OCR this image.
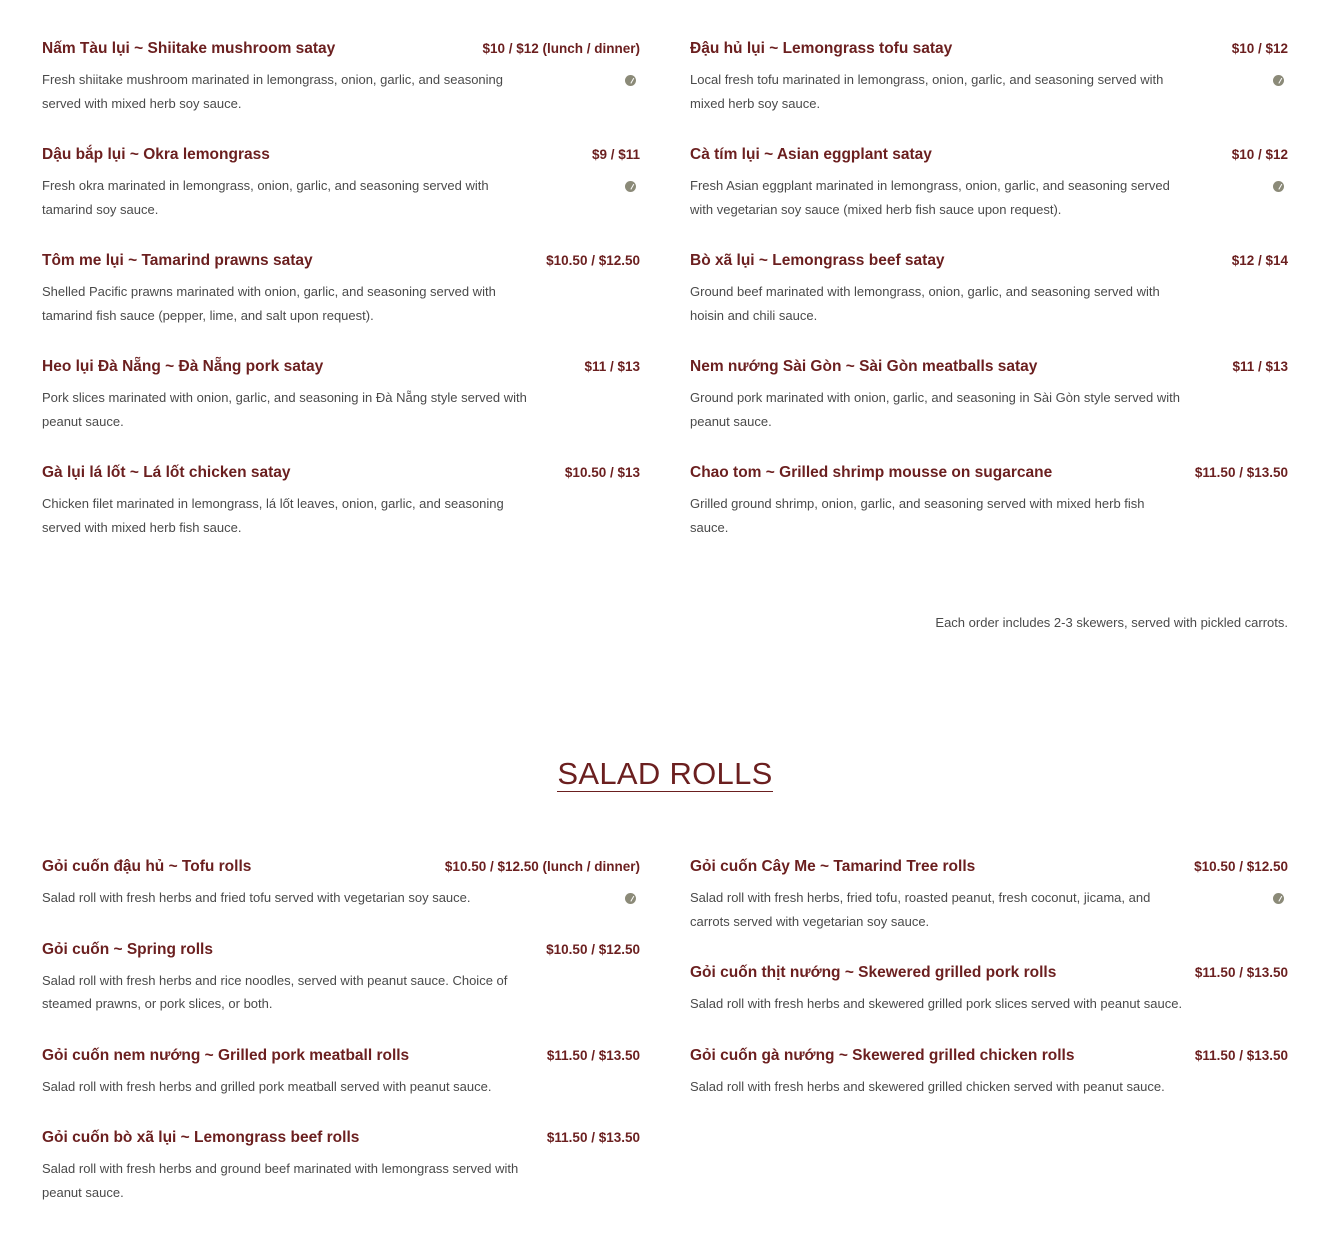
Nấm Tàu lụi ~ Shiitake mushroom satay	$10 / $12 (lunch / dinner)
Fresh shiitake mushroom marinated in lemongrass, onion, garlic, and seasoning served with mixed herb soy sauce.
Dậu bắp lụi ~ Okra lemongrass	$9 / $11
Fresh okra marinated in lemongrass, onion, garlic, and seasoning served with tamarind soy sauce.
Tôm me lụi ~ Tamarind prawns satay	$10.50 / $12.50
Shelled Pacific prawns marinated with onion, garlic, and seasoning served with tamarind fish sauce (pepper, lime, and salt upon request).
Heo lụi Đà Nẵng ~ Đà Nẵng pork satay	$11 / $13
Pork slices marinated with onion, garlic, and seasoning in Đà Nẵng style served with peanut sauce.
Gà lụi lá lốt ~ Lá lốt chicken satay	$10.50 / $13
Chicken filet marinated in lemongrass, lá lốt leaves, onion, garlic, and seasoning served with mixed herb fish sauce.
Đậu hủ lụi ~ Lemongrass tofu satay	$10 / $12
Local fresh tofu marinated in lemongrass, onion, garlic, and seasoning served with mixed herb soy sauce.
Cà tím lụi ~ Asian eggplant satay	$10 / $12
Fresh Asian eggplant marinated in lemongrass, onion, garlic, and seasoning served with vegetarian soy sauce (mixed herb fish sauce upon request).
Bò xã lụi ~ Lemongrass beef satay	$12 / $14
Ground beef marinated with lemongrass, onion, garlic, and seasoning served with hoisin and chili sauce.
Nem nướng Sài Gòn ~ Sài Gòn meatballs satay	$11 / $13
Ground pork marinated with onion, garlic, and seasoning in Sài Gòn style served with peanut sauce.
Chao tom ~ Grilled shrimp mousse on sugarcane	$11.50 / $13.50
Grilled ground shrimp, onion, garlic, and seasoning served with mixed herb fish sauce.
Each order includes 2-3 skewers, served with pickled carrots.
SALAD ROLLS
Gỏi cuốn đậu hủ ~ Tofu rolls	$10.50 / $12.50 (lunch / dinner)
Salad roll with fresh herbs and fried tofu served with vegetarian soy sauce.
Gỏi cuốn ~ Spring rolls	$10.50 / $12.50
Salad roll with fresh herbs and rice noodles, served with peanut sauce. Choice of steamed prawns, or pork slices, or both.
Gỏi cuốn nem nướng ~ Grilled pork meatball rolls	$11.50 / $13.50
Salad roll with fresh herbs and grilled pork meatball served with peanut sauce.
Gỏi cuốn bò xã lụi ~ Lemongrass beef rolls	$11.50 / $13.50
Salad roll with fresh herbs and ground beef marinated with lemongrass served with peanut sauce.
Gỏi cuốn Cây Me ~ Tamarind Tree rolls	$10.50 / $12.50
Salad roll with fresh herbs, fried tofu, roasted peanut, fresh coconut, jicama, and carrots served with vegetarian soy sauce.
Gỏi cuốn thịt nướng ~ Skewered grilled pork rolls	$11.50 / $13.50
Salad roll with fresh herbs and skewered grilled pork slices served with peanut sauce.
Gỏi cuốn gà nướng ~ Skewered grilled chicken rolls	$11.50 / $13.50
Salad roll with fresh herbs and skewered grilled chicken served with peanut sauce.
